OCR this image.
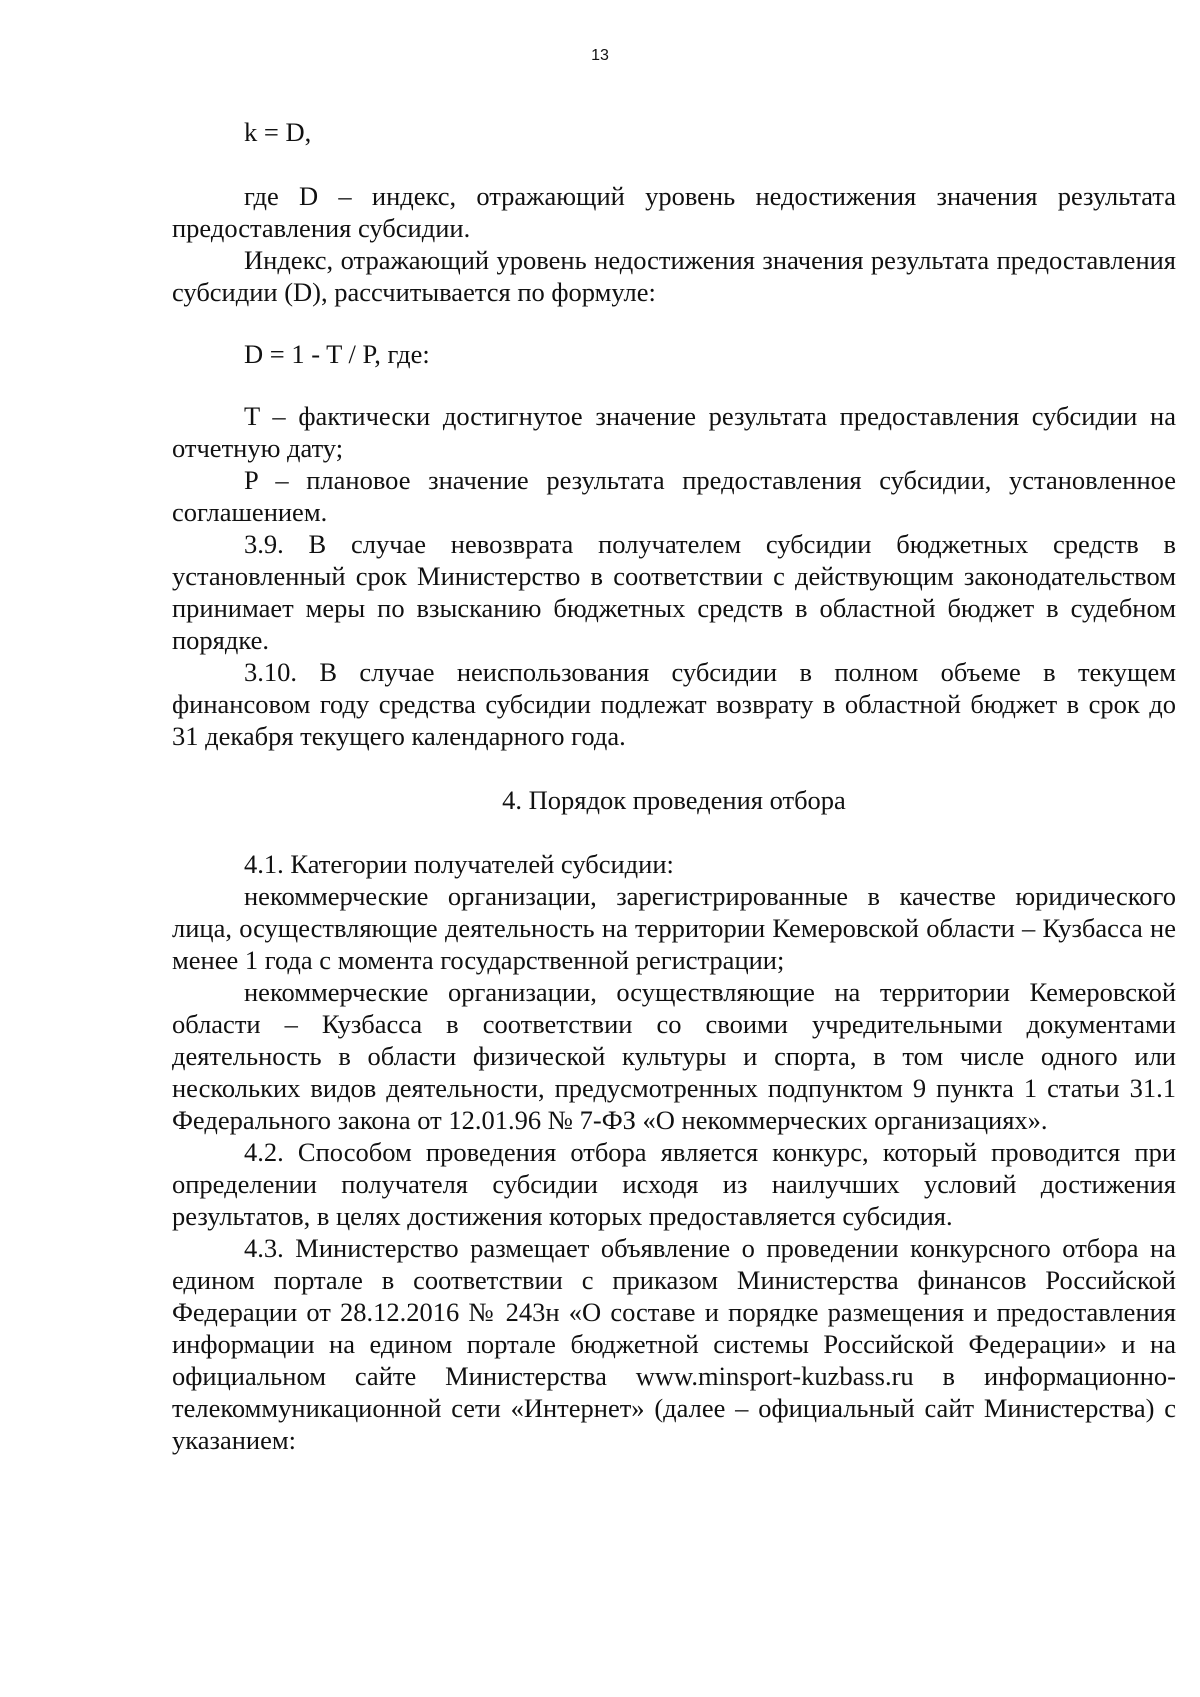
13

k = D,

где D – индекс, отражающий уровень недостижения значения результата предоставления субсидии.

Индекс, отражающий уровень недостижения значения результата предоставления субсидии (D), рассчитывается по формуле:

D = 1 - T / P, где:

T – фактически достигнутое значение результата предоставления субсидии на отчетную дату;

P – плановое значение результата предоставления субсидии, установленное соглашением.

3.9. В случае невозврата получателем субсидии бюджетных средств в установленный срок Министерство в соответствии с действующим законодательством принимает меры по взысканию бюджетных средств в областной бюджет в судебном порядке.

3.10. В случае неиспользования субсидии в полном объеме в текущем финансовом году средства субсидии подлежат возврату в областной бюджет в срок до 31 декабря текущего календарного года.

4. Порядок проведения отбора

4.1. Категории получателей субсидии:

некоммерческие организации, зарегистрированные в качестве юридического лица, осуществляющие деятельность на территории Кемеровской области – Кузбасса не менее 1 года с момента государственной регистрации;

некоммерческие организации, осуществляющие на территории Кемеровской области – Кузбасса в соответствии со своими учредительными документами деятельность в области физической культуры и спорта, в том числе одного или нескольких видов деятельности, предусмотренных подпунктом 9 пункта 1 статьи 31.1 Федерального закона от 12.01.96 № 7-ФЗ «О некоммерческих организациях».

4.2. Способом проведения отбора является конкурс, который проводится при определении получателя субсидии исходя из наилучших условий достижения результатов, в целях достижения которых предоставляется субсидия.

4.3. Министерство размещает объявление о проведении конкурсного отбора на едином портале в соответствии с приказом Министерства финансов Российской Федерации от 28.12.2016 № 243н «О составе и порядке размещения и предоставления информации на едином портале бюджетной системы Российской Федерации» и на официальном сайте Министерства www.minsport-kuzbass.ru в информационно-телекоммуникационной сети «Интернет» (далее – официальный сайт Министерства) с указанием:
